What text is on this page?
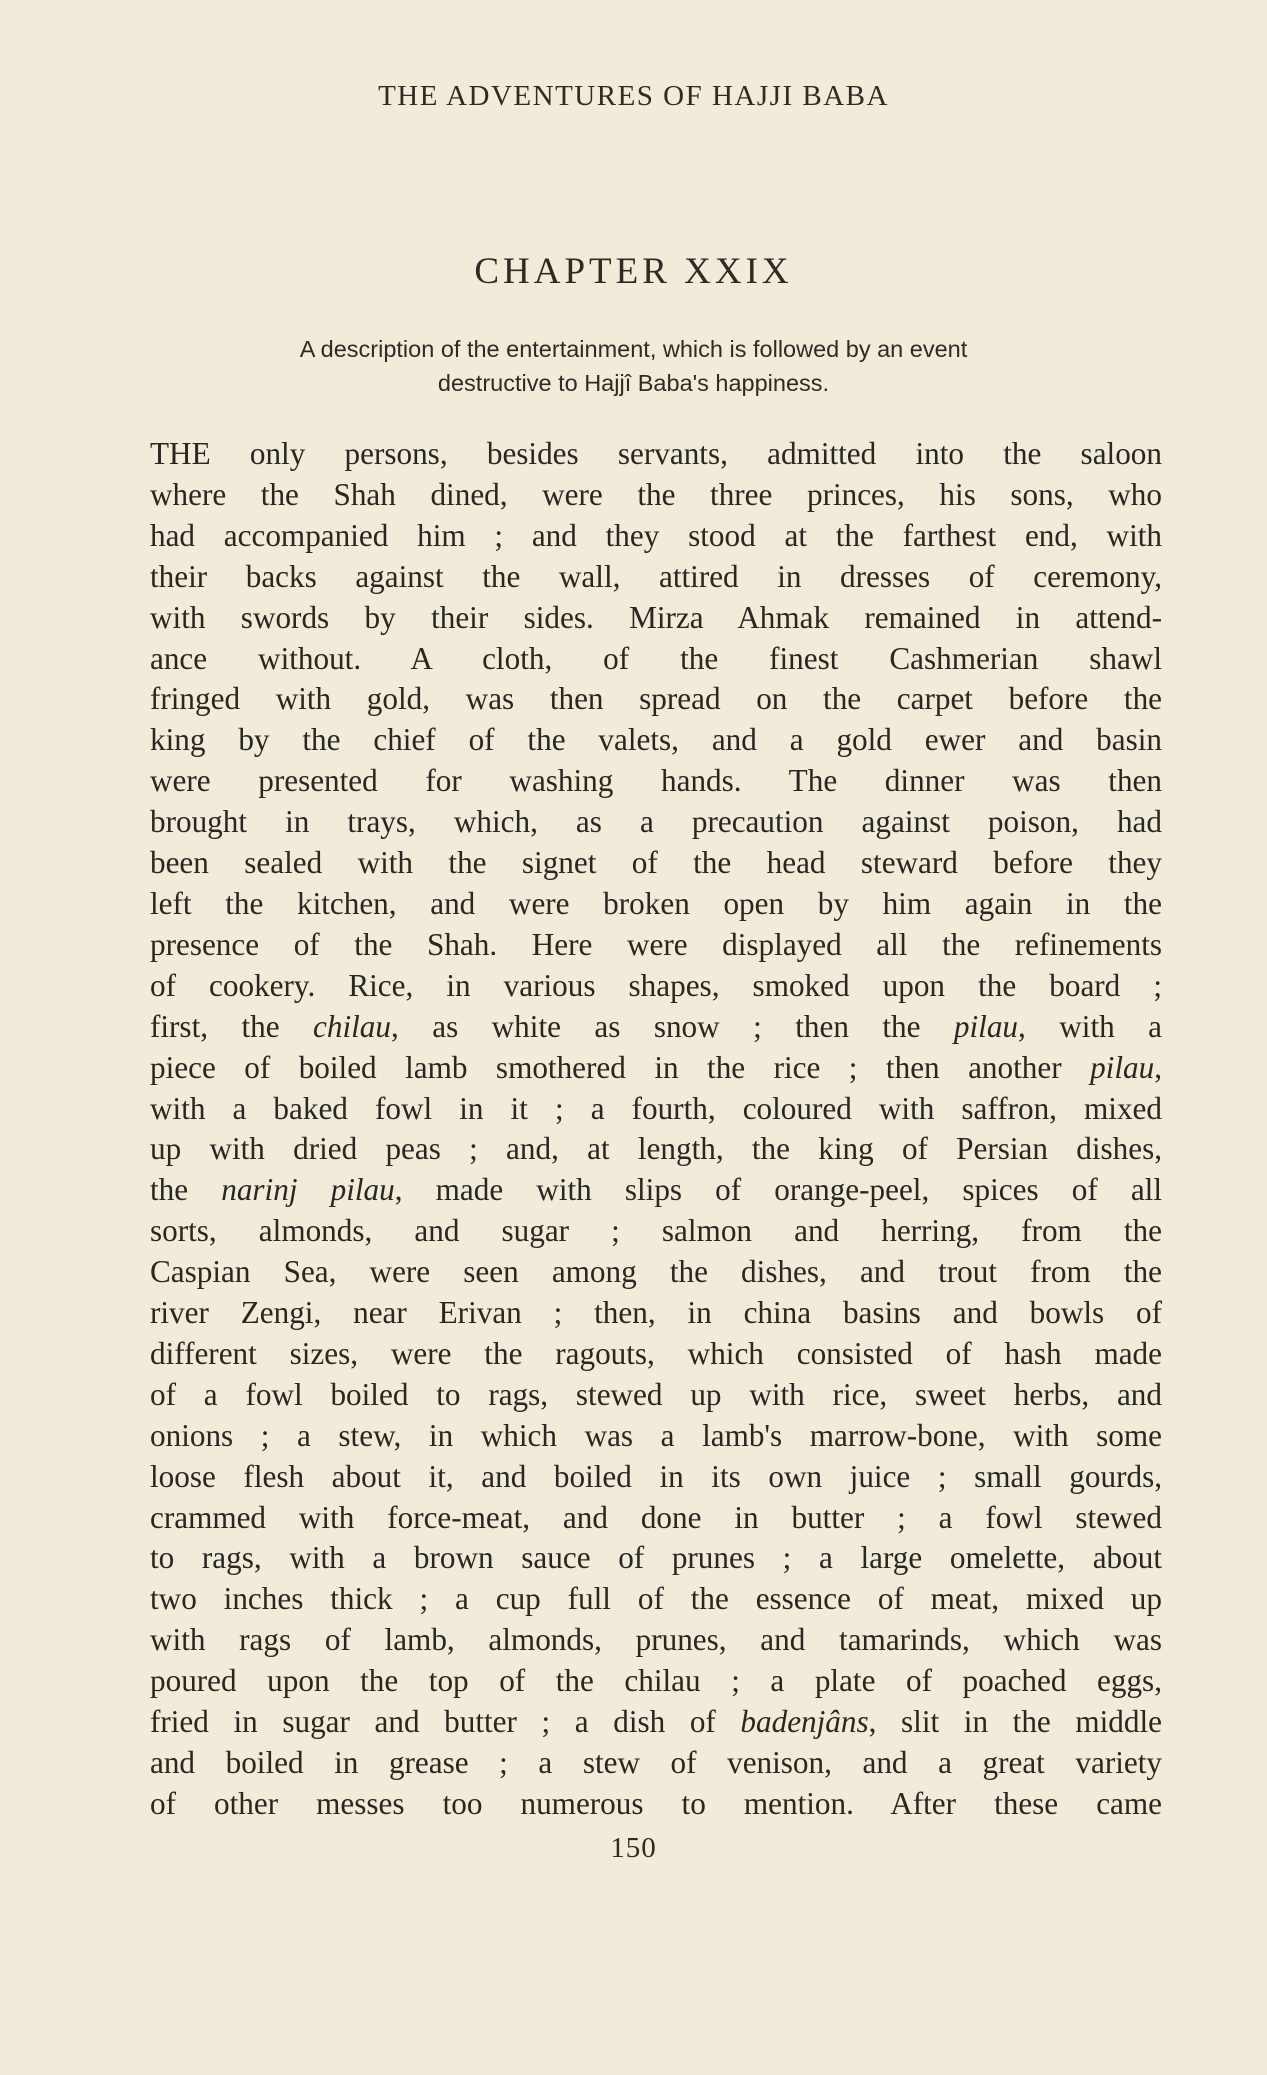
THE ADVENTURES OF HAJJI BABA
CHAPTER XXIX
A description of the entertainment, which is followed by an event
destructive to Hajjî Baba's happiness.
THE only persons, besides servants, admitted into the saloon
where the Shah dined, were the three princes, his sons, who
had accompanied him ; and they stood at the farthest end, with
their backs against the wall, attired in dresses of ceremony,
with swords by their sides. Mirza Ahmak remained in attend-
ance without. A cloth, of the finest Cashmerian shawl
fringed with gold, was then spread on the carpet before the
king by the chief of the valets, and a gold ewer and basin
were presented for washing hands. The dinner was then
brought in trays, which, as a precaution against poison, had
been sealed with the signet of the head steward before they
left the kitchen, and were broken open by him again in the
presence of the Shah. Here were displayed all the refinements
of cookery. Rice, in various shapes, smoked upon the board ;
first, the chilau, as white as snow ; then the pilau, with a
piece of boiled lamb smothered in the rice ; then another pilau,
with a baked fowl in it ; a fourth, coloured with saffron, mixed
up with dried peas ; and, at length, the king of Persian dishes,
the narinj pilau, made with slips of orange-peel, spices of all
sorts, almonds, and sugar ; salmon and herring, from the
Caspian Sea, were seen among the dishes, and trout from the
river Zengi, near Erivan ; then, in china basins and bowls of
different sizes, were the ragouts, which consisted of hash made
of a fowl boiled to rags, stewed up with rice, sweet herbs, and
onions ; a stew, in which was a lamb's marrow-bone, with some
loose flesh about it, and boiled in its own juice ; small gourds,
crammed with force-meat, and done in butter ; a fowl stewed
to rags, with a brown sauce of prunes ; a large omelette, about
two inches thick ; a cup full of the essence of meat, mixed up
with rags of lamb, almonds, prunes, and tamarinds, which was
poured upon the top of the chilau ; a plate of poached eggs,
fried in sugar and butter ; a dish of badenjâns, slit in the middle
and boiled in grease ; a stew of venison, and a great variety
of other messes too numerous to mention. After these came
150
